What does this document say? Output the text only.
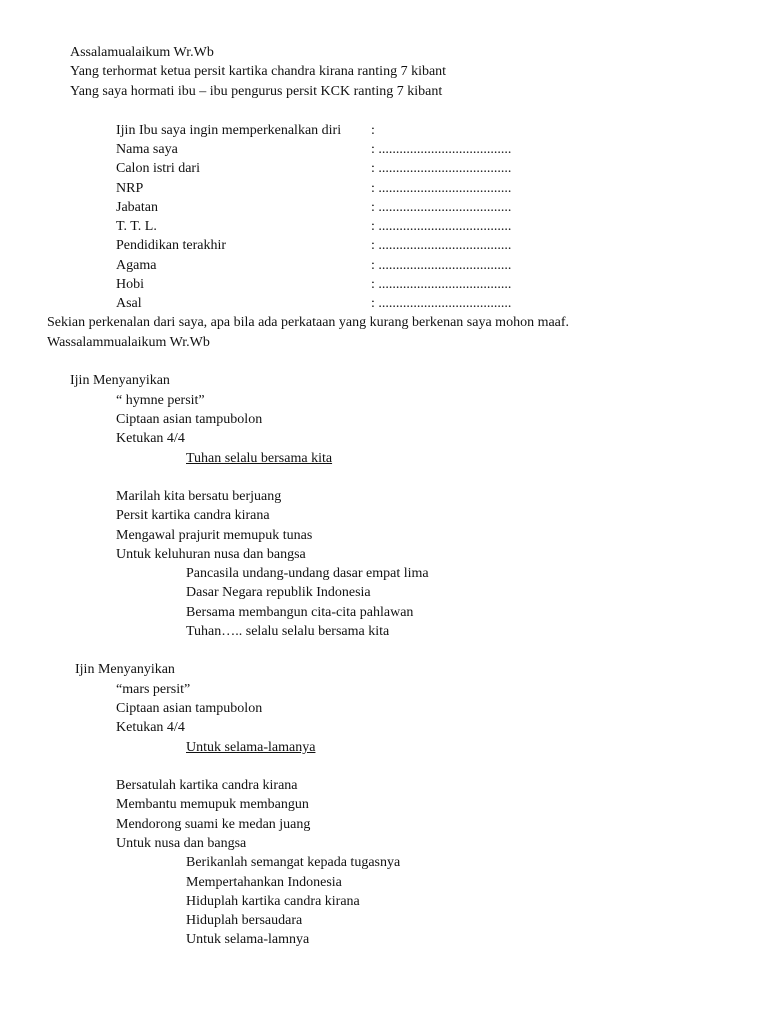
Assalamualaikum Wr.Wb
Yang terhormat ketua persit kartika chandra kirana ranting 7 kibant
Yang saya hormati ibu – ibu pengurus persit KCK ranting 7 kibant
Ijin Ibu saya ingin memperkenalkan diri :
Nama saya	: ......................................
Calon istri dari	: ......................................
NRP	: ......................................
Jabatan	: ......................................
T. T. L.	: ......................................
Pendidikan terakhir	: ......................................
Agama	: ......................................
Hobi	: ......................................
Asal	: ......................................
Sekian perkenalan dari saya, apa bila ada perkataan yang kurang berkenan saya mohon maaf.
Wassalammualaikum Wr.Wb
Ijin Menyanyikan
“ hymne persit”
Ciptaan asian tampubolon
Ketukan 4/4
Tuhan selalu bersama kita
Marilah kita bersatu berjuang
Persit kartika candra kirana
Mengawal prajurit memupuk tunas
Untuk keluhuran nusa dan bangsa
Pancasila undang-undang dasar empat lima
Dasar Negara republik Indonesia
Bersama membangun cita-cita pahlawan
Tuhan….. selalu selalu bersama kita
Ijin Menyanyikan
“mars persit”
Ciptaan asian tampubolon
Ketukan 4/4
Untuk selama-lamanya
Bersatulah kartika candra kirana
Membantu memupuk membangun
Mendorong suami ke medan juang
Untuk nusa dan bangsa
Berikanlah semangat kepada tugasnya
Mempertahankan Indonesia
Hiduplah kartika candra kirana
Hiduplah bersaudara
Untuk selama-lamnya
